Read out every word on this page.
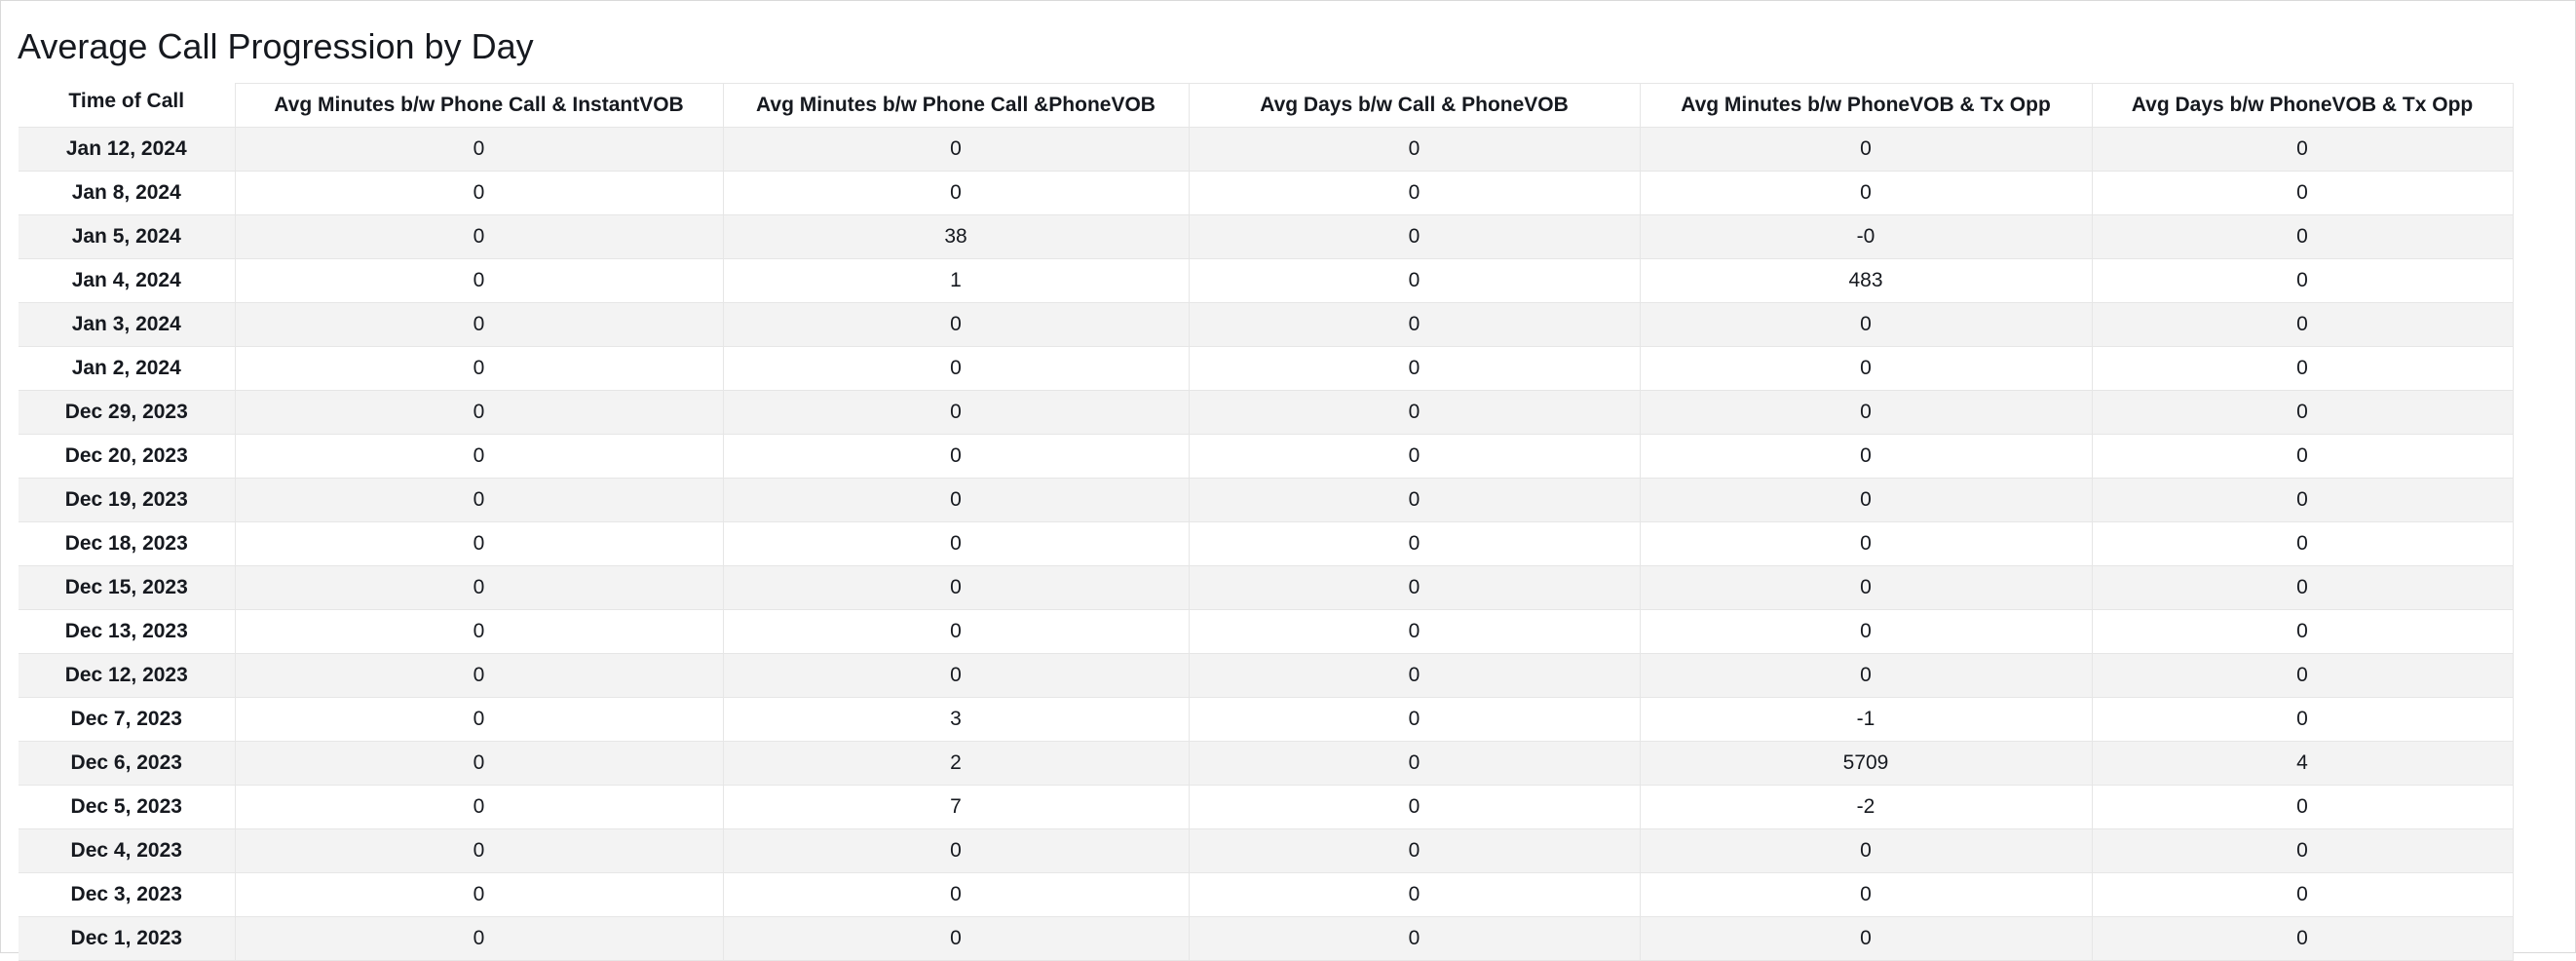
Average Call Progression by Day
Time of Call	Avg Minutes b/w Phone Call & InstantVOB	Avg Minutes b/w Phone Call &PhoneVOB	Avg Days b/w Call & PhoneVOB	Avg Minutes b/w PhoneVOB & Tx Opp	Avg Days b/w PhoneVOB & Tx Opp
Jan 12, 2024	0	0	0	0	0
Jan 8, 2024	0	0	0	0	0
Jan 5, 2024	0	38	0	-0	0
Jan 4, 2024	0	1	0	483	0
Jan 3, 2024	0	0	0	0	0
Jan 2, 2024	0	0	0	0	0
Dec 29, 2023	0	0	0	0	0
Dec 20, 2023	0	0	0	0	0
Dec 19, 2023	0	0	0	0	0
Dec 18, 2023	0	0	0	0	0
Dec 15, 2023	0	0	0	0	0
Dec 13, 2023	0	0	0	0	0
Dec 12, 2023	0	0	0	0	0
Dec 7, 2023	0	3	0	-1	0
Dec 6, 2023	0	2	0	5709	4
Dec 5, 2023	0	7	0	-2	0
Dec 4, 2023	0	0	0	0	0
Dec 3, 2023	0	0	0	0	0
Dec 1, 2023	0	0	0	0	0
